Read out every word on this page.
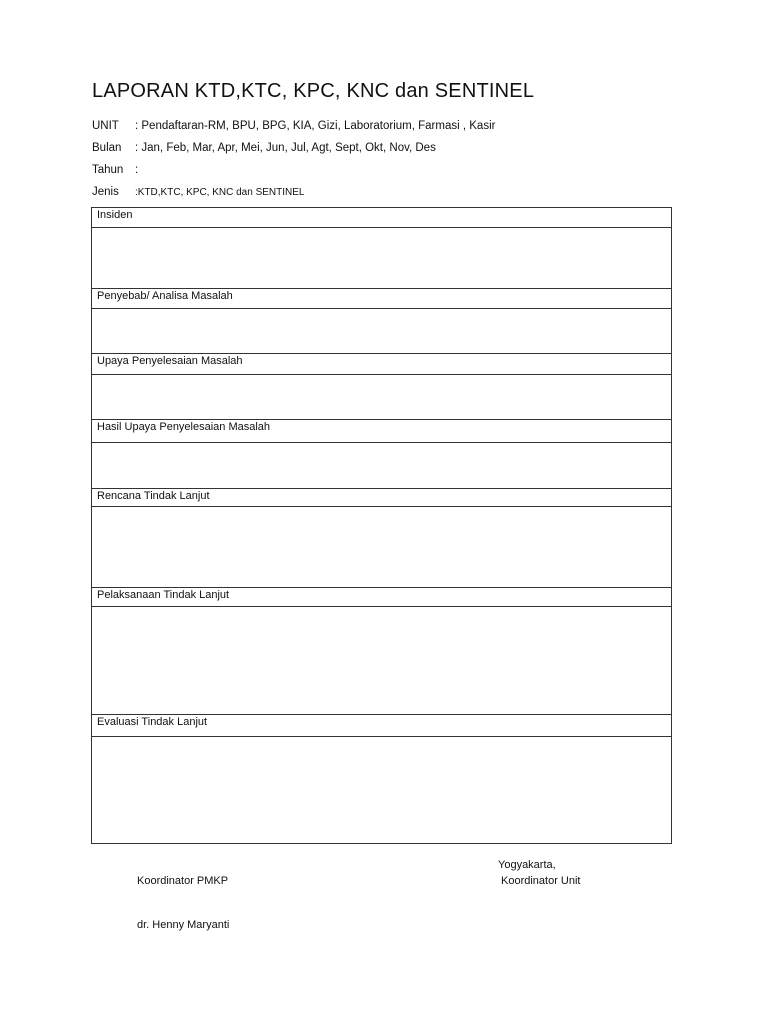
LAPORAN KTD,KTC, KPC, KNC dan SENTINEL
UNIT : Pendaftaran-RM, BPU, BPG, KIA, Gizi, Laboratorium, Farmasi , Kasir
Bulan : Jan, Feb, Mar, Apr, Mei, Jun, Jul, Agt, Sept, Okt, Nov, Des
Tahun :
Jenis :KTD,KTC, KPC, KNC dan SENTINEL
Insiden
Penyebab/ Analisa Masalah
Upaya Penyelesaian Masalah
Hasil Upaya Penyelesaian Masalah
Rencana Tindak Lanjut
Pelaksanaan Tindak Lanjut
Evaluasi Tindak Lanjut
Yogyakarta,
Koordinator PMKP	Koordinator Unit
dr. Henny Maryanti
